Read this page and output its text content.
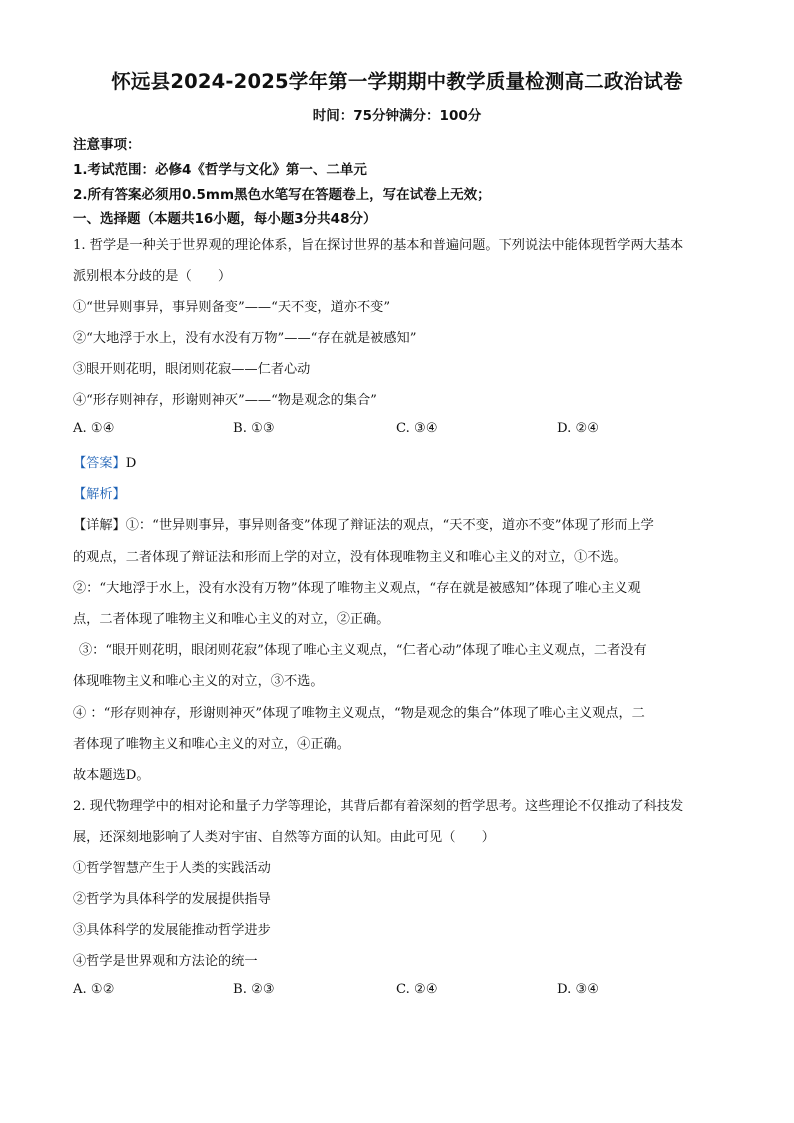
怀远县2024-2025学年第一学期期中教学质量检测高二政治试卷
时间：75分钟满分：100分
注意事项：
1.考试范围：必修4《哲学与文化》第一、二单元
2.所有答案必须用0.5mm黑色水笔写在答题卷上，写在试卷上无效；
一、选择题（本题共16小题，每小题3分共48分）
1. 哲学是一种关于世界观的理论体系，旨在探讨世界的基本和普遍问题。下列说法中能体现哲学两大基本
派别根本分歧的是（　　）
①“世异则事异，事异则备变”——“天不变，道亦不变”
②“大地浮于水上，没有水没有万物”——“存在就是被感知”
③眼开则花明，眼闭则花寂——仁者心动
④“形存则神存，形谢则神灭”——“物是观念的集合”
A. ①④	B. ①③	C. ③④	D. ②④
【答案】D
【解析】
【详解】①：“世异则事异，事异则备变”体现了辩证法的观点，“天不变，道亦不变”体现了形而上学
的观点，二者体现了辩证法和形而上学的对立，没有体现唯物主义和唯心主义的对立，①不选。
②：“大地浮于水上，没有水没有万物”体现了唯物主义观点，“存在就是被感知”体现了唯心主义观
点，二者体现了唯物主义和唯心主义的对立，②正确。
③：“眼开则花明，眼闭则花寂”体现了唯心主义观点，“仁者心动”体现了唯心主义观点，二者没有
体现唯物主义和唯心主义的对立，③不选。
④ ：“形存则神存，形谢则神灭”体现了唯物主义观点，“物是观念的集合”体现了唯心主义观点，二
者体现了唯物主义和唯心主义的对立，④正确。
故本题选D。
2. 现代物理学中的相对论和量子力学等理论，其背后都有着深刻的哲学思考。这些理论不仅推动了科技发
展，还深刻地影响了人类对宇宙、自然等方面的认知。由此可见（　　）
①哲学智慧产生于人类的实践活动
②哲学为具体科学的发展提供指导
③具体科学的发展能推动哲学进步
④哲学是世界观和方法论的统一
A. ①②	B. ②③	C. ②④	D. ③④
